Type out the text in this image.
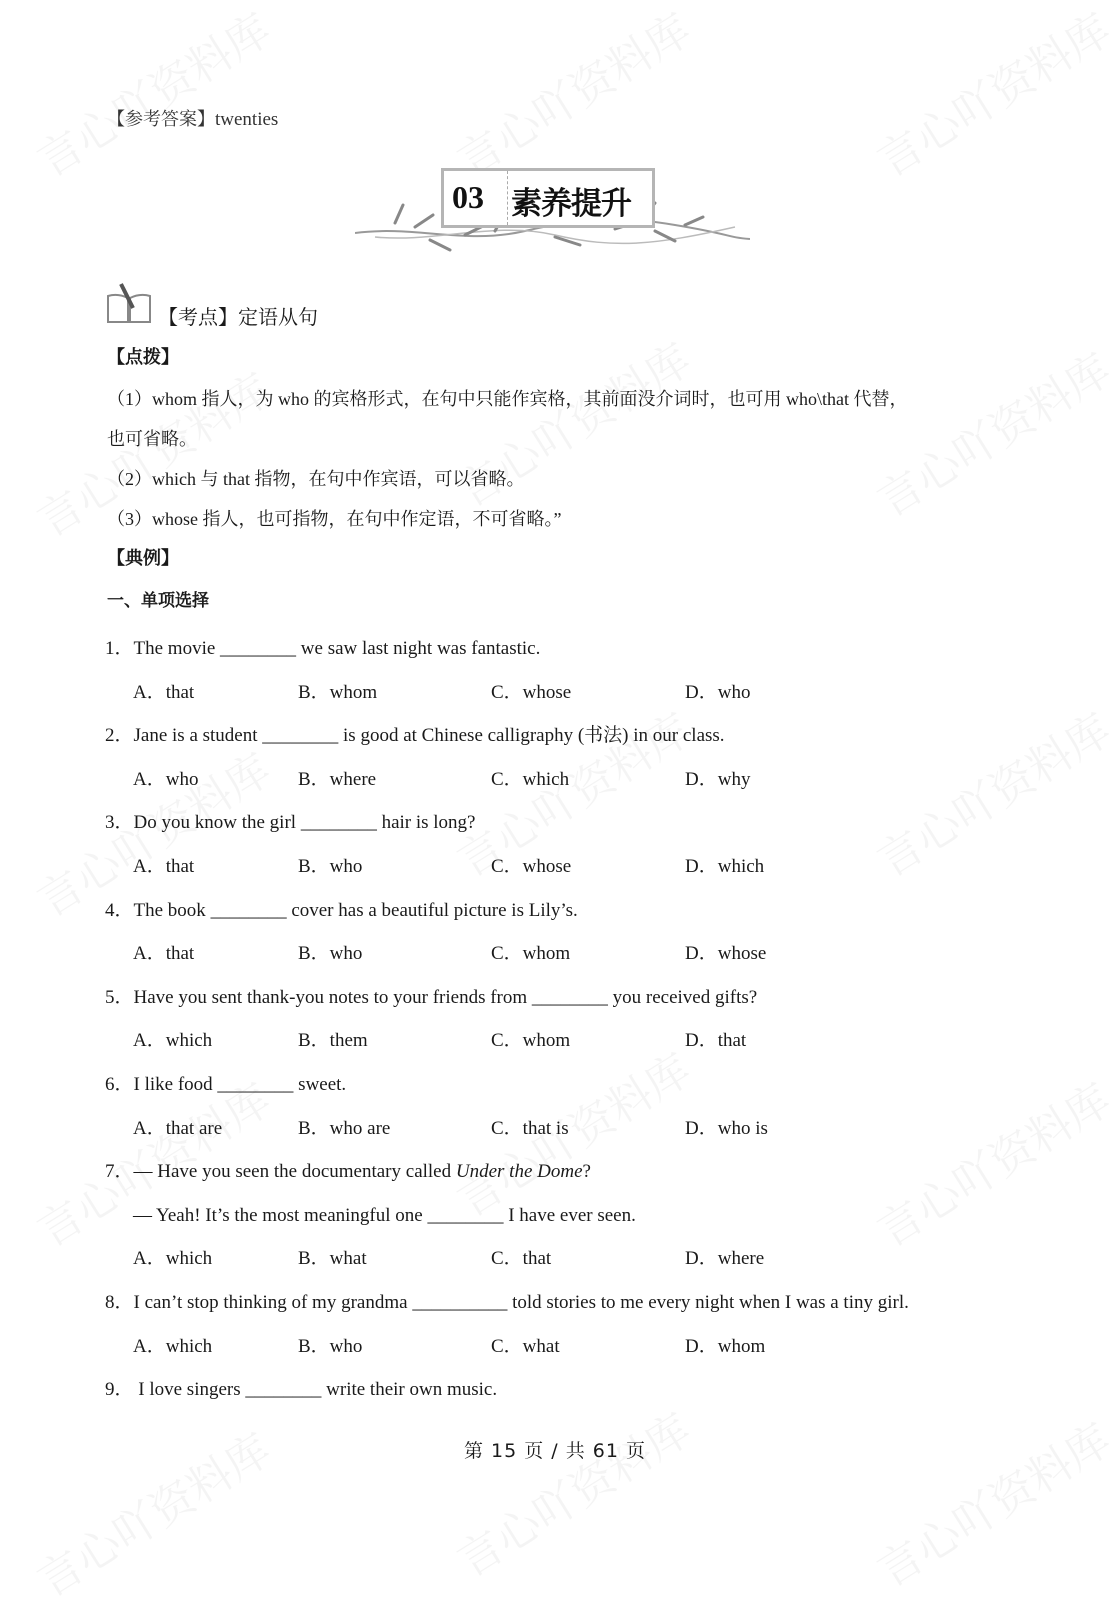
【参考答案】twenties
03 素养提升
【考点】定语从句
【点拨】
（1）whom 指人，为 who 的宾格形式，在句中只能作宾格，其前面没介词时，也可用 who\that 代替，
也可省略。
（2）which 与 that 指物，在句中作宾语，可以省略。
（3）whose 指人，也可指物，在句中作定语，不可省略。”
【典例】
一、单项选择
1．The movie ________ we saw last night was fantastic.
A．that	B．whom	C．whose	D．who
2．Jane is a student ________ is good at Chinese calligraphy (书法) in our class.
A．who	B．where	C．which	D．why
3．Do you know the girl ________ hair is long?
A．that	B．who	C．whose	D．which
4．The book ________ cover has a beautiful picture is Lily’s.
A．that	B．who	C．whom	D．whose
5．Have you sent thank-you notes to your friends from ________ you received gifts?
A．which	B．them	C．whom	D．that
6．I like food ________ sweet.
A．that are	B．who are	C．that is	D．who is
7．— Have you seen the documentary called Under the Dome?
— Yeah! It’s the most meaningful one ________ I have ever seen.
A．which	B．what	C．that	D．where
8．I can’t stop thinking of my grandma __________ told stories to me every night when I was a tiny girl.
A．which	B．who	C．what	D．whom
9． I love singers ________ write their own music.
第 15 页 / 共 61 页
